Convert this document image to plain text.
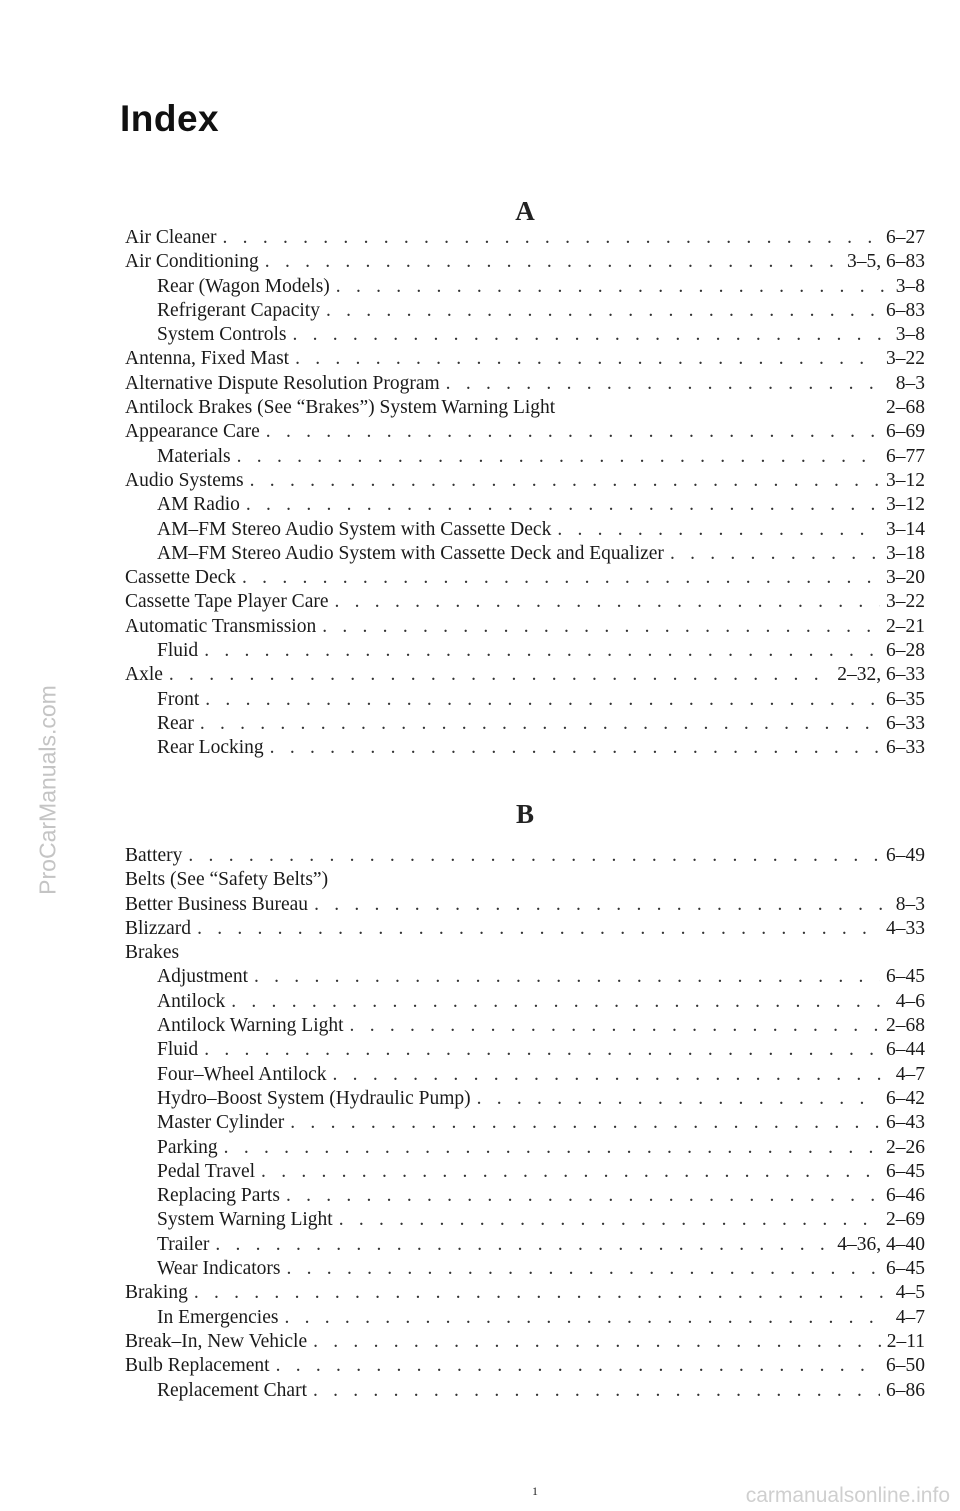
Index
A
Air Cleaner . . .	6–27
Air Conditioning . . .	3–5, 6–83
Rear (Wagon Models) . . .	3–8
Refrigerant Capacity . . .	6–83
System Controls . . .	3–8
Antenna, Fixed Mast . . .	3–22
Alternative Dispute Resolution Program . . .	8–3
Antilock Brakes (See “Brakes”) System Warning Light	2–68
Appearance Care . . .	6–69
Materials . . .	6–77
Audio Systems . . .	3–12
AM Radio . . .	3–12
AM–FM Stereo Audio System with Cassette Deck . . .	3–14
AM–FM Stereo Audio System with Cassette Deck and Equalizer . . .	3–18
Cassette Deck . . .	3–20
Cassette Tape Player Care . . .	3–22
Automatic Transmission . . .	2–21
Fluid . . .	6–28
Axle . . .	2–32, 6–33
Front . . .	6–35
Rear . . .	6–33
Rear Locking . . .	6–33
B
Battery . . .	6–49
Belts (See “Safety Belts”)
Better Business Bureau . . .	8–3
Blizzard . . .	4–33
Brakes
Adjustment . . .	6–45
Antilock . . .	4–6
Antilock Warning Light . . .	2–68
Fluid . . .	6–44
Four–Wheel Antilock . . .	4–7
Hydro–Boost System (Hydraulic Pump) . . .	6–42
Master Cylinder . . .	6–43
Parking . . .	2–26
Pedal Travel . . .	6–45
Replacing Parts . . .	6–46
System Warning Light . . .	2–69
Trailer . . .	4–36, 4–40
Wear Indicators . . .	6–45
Braking . . .	4–5
In Emergencies . . .	4–7
Break–In, New Vehicle . . .	2–11
Bulb Replacement . . .	6–50
Replacement Chart . . .	6–86
1
ProCarManuals.com
carmanualsonline.info
